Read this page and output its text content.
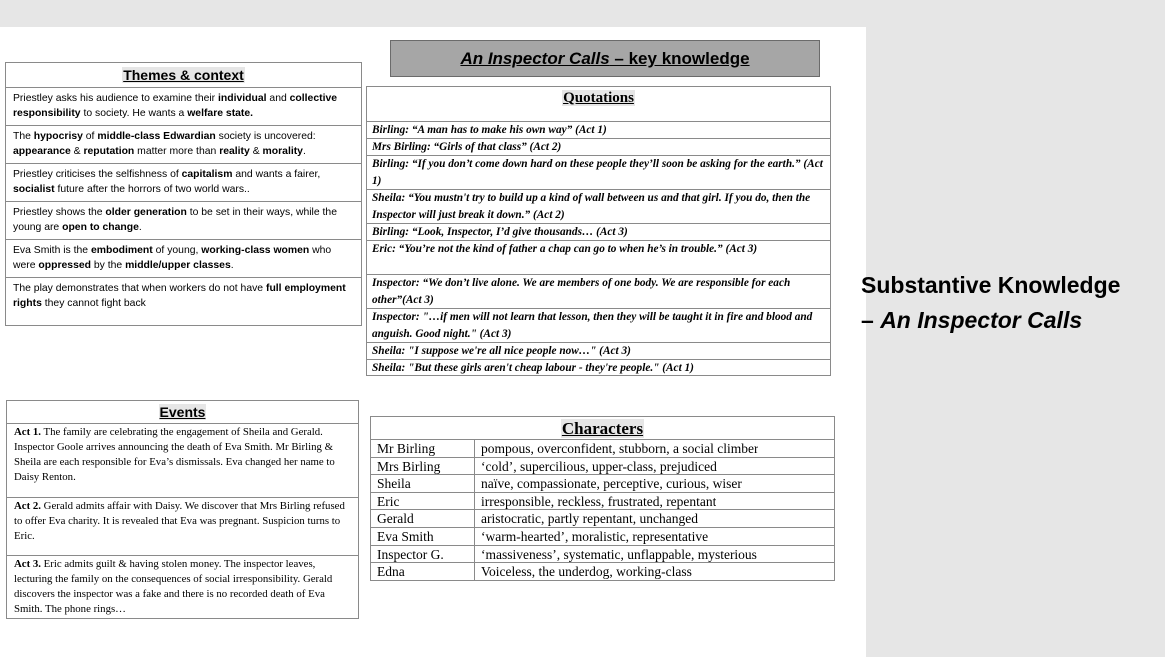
An Inspector Calls – key knowledge
Themes & context
Priestley asks his audience to examine their individual and collective responsibility to society. He wants a welfare state.
The hypocrisy of middle-class Edwardian society is uncovered: appearance & reputation matter more than reality & morality.
Priestley criticises the selfishness of capitalism and wants a fairer, socialist future after the horrors of two world wars..
Priestley shows the older generation to be set in their ways, while the young are open to change.
Eva Smith is the embodiment of young, working-class women who were oppressed by the middle/upper classes.
The play demonstrates that when workers do not have full employment rights they cannot fight back
Quotations
Birling: “A man has to make his own way” (Act 1)
Mrs Birling: “Girls of that class” (Act 2)
Birling: “If you don’t come down hard on these people they’ll soon be asking for the earth.” (Act 1)
Sheila: “You mustn't try to build up a kind of wall between us and that girl. If you do, then the Inspector will just break it down.” (Act 2)
Birling: “Look, Inspector, I’d give thousands… (Act 3)
Eric: “You’re not the kind of father a chap can go to when he’s in trouble.” (Act 3)
Inspector: “We don’t live alone. We are members of one body. We are responsible for each other”(Act 3)
Inspector: "…if men will not learn that lesson, then they will be taught it in fire and blood and anguish. Good night." (Act 3)
Sheila: "I suppose we're all nice people now…" (Act 3)
Sheila: "But these girls aren't cheap labour - they're people." (Act 1)
Events
Act 1. The family are celebrating the engagement of Sheila and Gerald. Inspector Goole arrives announcing the death of Eva Smith. Mr Birling & Sheila are each responsible for Eva’s dismissals. Eva changed her name to Daisy Renton.
Act 2. Gerald admits affair with Daisy. We discover that Mrs Birling refused to offer Eva charity. It is revealed that Eva was pregnant. Suspicion turns to Eric.
Act 3. Eric admits guilt & having stolen money. The inspector leaves, lecturing the family on the consequences of social irresponsibility. Gerald discovers the inspector was a fake and there is no recorded death of Eva Smith. The phone rings…
Characters
Mr Birling	pompous, overconfident, stubborn, a social climber
Mrs Birling	‘cold’, supercilious, upper-class, prejudiced
Sheila	naïve, compassionate, perceptive, curious, wiser
Eric	irresponsible, reckless, frustrated, repentant
Gerald	aristocratic, partly repentant, unchanged
Eva Smith	‘warm-hearted’, moralistic, representative
Inspector G.	‘massiveness’, systematic, unflappable, mysterious
Edna	Voiceless, the underdog, working-class
Substantive Knowledge
– An Inspector Calls
